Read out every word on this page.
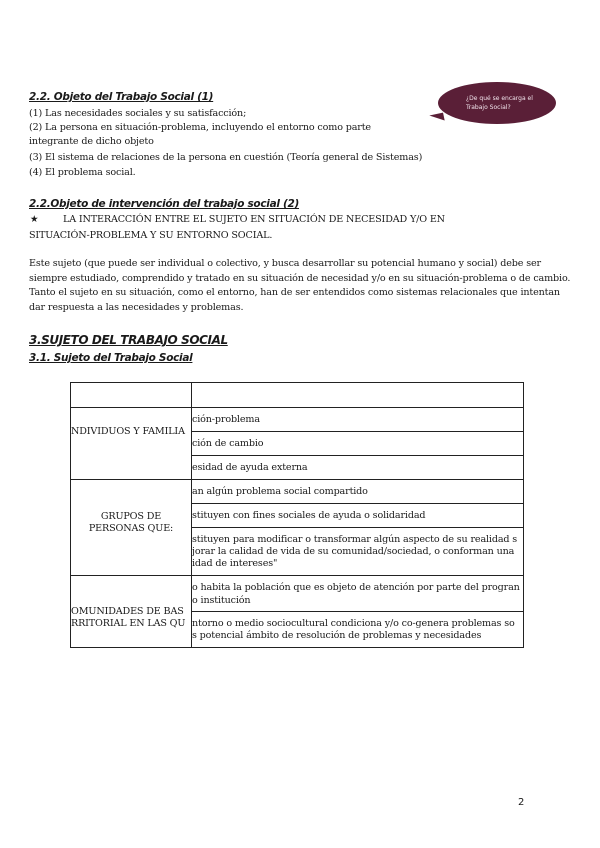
2.2. Objeto del Trabajo Social (1)
(1) Las necesidades sociales y su satisfacción;
(2) La persona en situación-problema, incluyendo el entorno como parte
integrante de dicho objeto
(3) El sistema de relaciones de la persona en cuestión (Teoría general de Sistemas)
(4) El problema social.
¿De qué se encarga el
Trabajo Social?
2.2.Objeto de intervención del trabajo social (2)
★	LA INTERACCIÓN ENTRE EL SUJETO EN SITUACIÓN DE NECESIDAD Y/O EN
SITUACIÓN-PROBLEMA Y SU ENTORNO SOCIAL.
Este sujeto (que puede ser individual o colectivo, y busca desarrollar su potencial humano y social) debe ser siempre estudiado, comprendido y tratado en su situación de necesidad y/o en su situación-problema o de cambio. Tanto el sujeto en su situación, como el entorno, han de ser entendidos como sistemas relacionales que intentan dar respuesta a las necesidades y problemas.
3.SUJETO DEL TRABAJO SOCIAL
3.1. Sujeto del Trabajo Social
NDIVIDUOS Y FAMILIA
ción-problema
ción de cambio
esidad de ayuda externa
GRUPOS DE
PERSONAS QUE:
an algún problema social compartido
stituyen con fines sociales de ayuda o solidaridad
stituyen para modificar o transformar algún aspecto de su realidad s
jorar la calidad de vida de su comunidad/sociedad, o conforman una
idad de intereses"
OMUNIDADES DE BAS
RRITORIAL EN LAS QU
o habita la población que es objeto de atención por parte del progran
o institución
ntorno o medio sociocultural condiciona y/o co-genera problemas so
s potencial ámbito de resolución de problemas y necesidades
2
